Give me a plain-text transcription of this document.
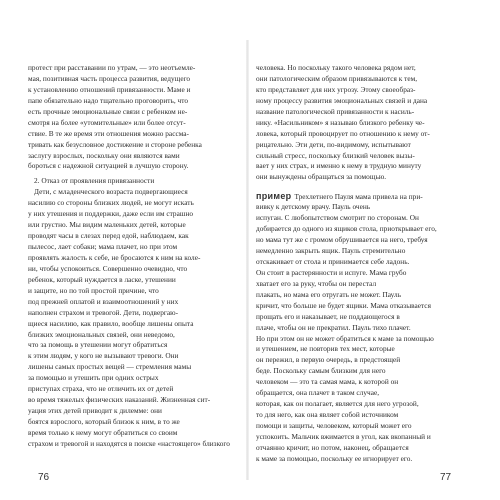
протест при расставании по утрам, — это неотъемле-
мая, позитивная часть процесса развития, ведущего
к установлению отношений привязанности. Маме и
папе обязательно надо тщательно проговорить, что
есть прочные эмоциональные связи с ребенком не-
смотря на более «утомительные» или более отсут-
ствие. В те же время эти отношения можно рассма-
тривать как безусловное достижение и стороне ребенка
заслугу взрослых, поскольку они являются вами
бороться с надежной ситуацией в лучшую сторону.
2. Отказ от проявления привязанности
Дети, с младенческого возраста подвергающиеся
насилию со стороны близких людей, не могут искать
у них утешения и поддержки, даже если им страшно
или грустно. Мы видим маленьких детей, которые
проводят часы в слезах перед едой, наблюдаем, как
пылесос, лает собаки; мама плачет, но при этом
проявлять жалость к себе, не бросаются к ним на коле-
ни, чтобы успокоиться. Совершенно очевидно, что
ребенок, который нуждается в ласке, утешении
и защите, но по той простой причине, что
под прежней оплатой и взаимоотношений у них
наполнен страхом и тревогой. Дети, подвергаю-
щиеся насилию, как правило, вообще лишены опыта
близких эмоциональных связей, они неведомо,
что за помощь в утешении могут обратиться
к этим людям, у кого не вызывают тревоги. Они
лишены самых простых вещей — стремления мамы
за помощью и утешить при одних острых
приступах страха, что не отличить их от детей
во время тяжелых физических наказаний. Жизненная сит-
уация этих детей приводит к дилемме: они
боятся взрослого, который близок к ним, в то же
время только к нему могут обратиться со своим
страхом и тревогой и находятся в поиске «настоящего» близкого
человека. Но поскольку такого человека рядом нет,
они патологическим образом привязываются к тем,
кто представляет для них угрозу. Этому своеобраз-
ному процессу развития эмоциональных связей и дана
название патологической привязанности к насиль-
нику. «Насильником» я называю близкого ребенку че-
ловека, который провоцирует по отношению к нему от-
рицательно. Эти дети, по-видимому, испытывают
сильный стресс, поскольку близкий человек вызы-
вает у них страх, и именно к нему в трудную минуту
они вынуждены обращаться за помощью.
пример Трехлетнего Пауля мама привела на при-
вивку к детскому врачу. Пауль очень
испуган. С любопытством смотрит по сторонам. Он
добирается до одного из ящиков стола, приоткрывает его,
но мама тут же с громом обрушивается на него, требуя
немедленно закрыть ящик. Пауль стремительно
отскакивает от стола и принимается себе ладонь.
Он стоит в растерянности и испуге. Мама грубо
хватает его за руку, чтобы он перестал
плакать, но мама его отругать не может. Пауль
кричит, что больше не будет ящики. Мама отказывается
прощать его и наказывает, не поддающегося в
плаче, чтобы он не прекратил. Пауль тихо плачет.
Но при этом он не может обратиться к маме за помощью
и утешением, не повторив тех мест, которые
он пережил, в первую очередь, в предстоящей
беде. Поскольку самым близким для него
человеком — это та самая мама, к которой он
обращается, она плачет в таком случае,
которая, как он полагает, является для него угрозой,
то для него, как она являет собой источником
помощи и защиты, человеком, который может его
успокоить. Мальчик вжимается в угол, как вкопанный и
отчаянно кричит, но потом, наконец, обращается
к маме за помощью, поскольку ее игнорирует его.
76	77
